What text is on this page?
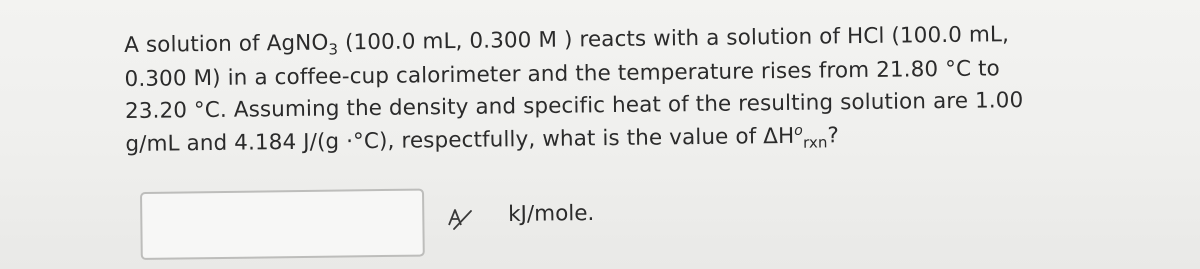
A solution of AgNO$_3$ (100.0 mL, 0.300 M ) reacts with a solution of HCl (100.0 mL,
0.300 M) in a coffee-cup calorimeter and the temperature rises from 21.80 °C to
23.20 °C. Assuming the density and specific heat of the resulting solution are 1.00
g/mL and 4.184 J/(g ·°C), respectfully, what is the value of $\Delta H^o_{rxn}$?
kJ/mole.
